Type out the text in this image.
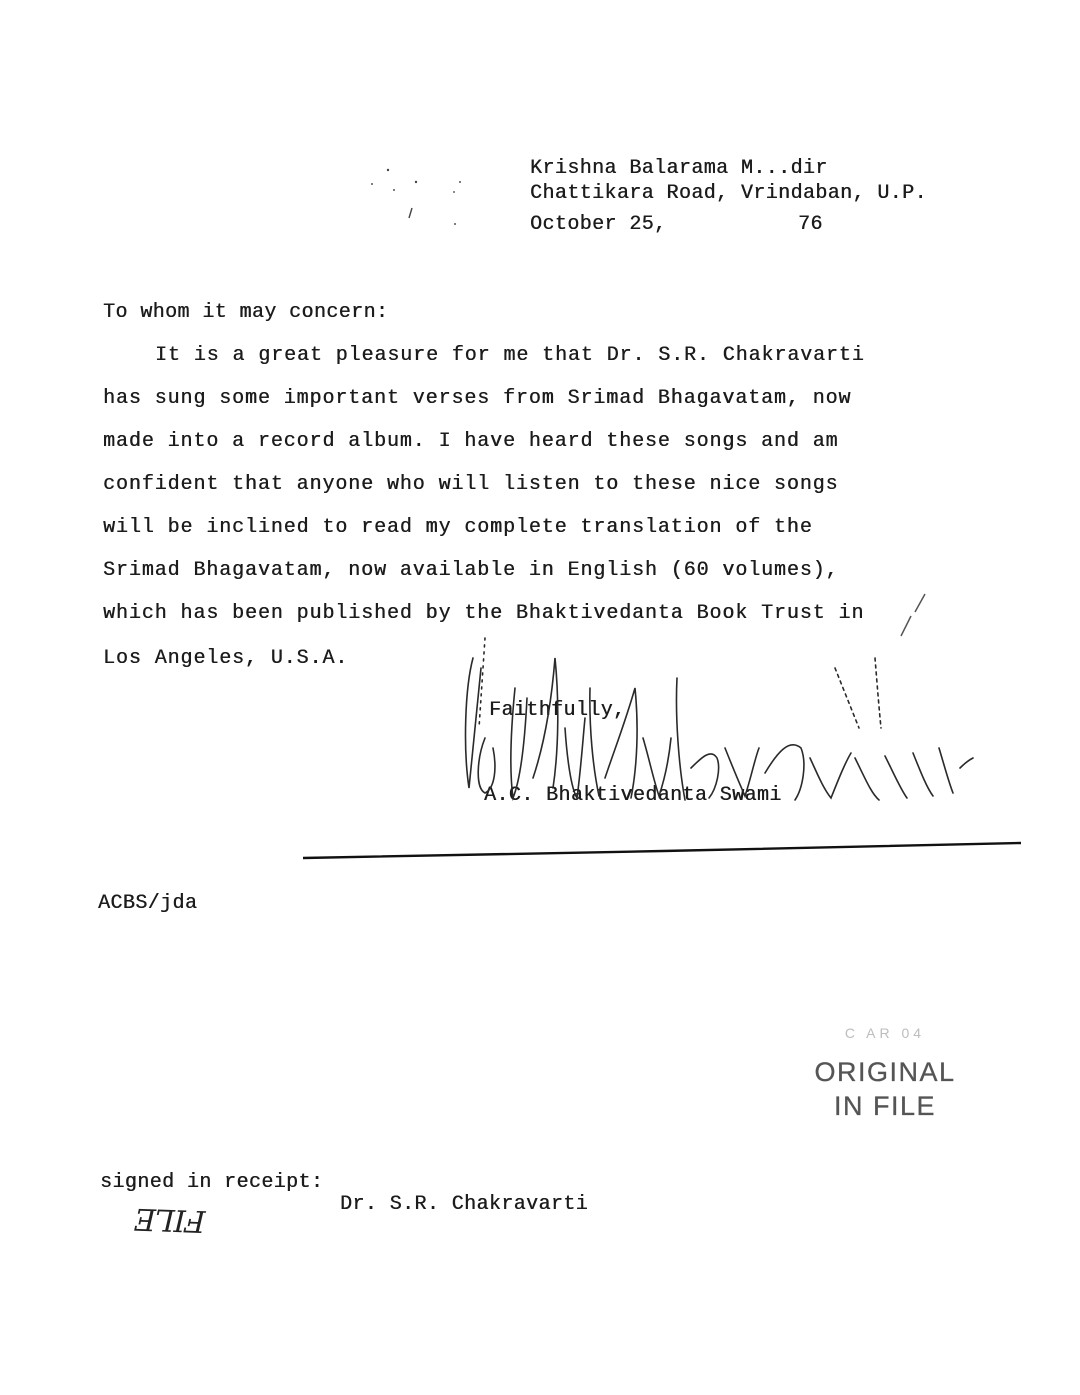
Krishna Balarama M...dir
Chattikara Road, Vrindaban, U.P.
October 25,	76
To whom it may concern:
It is a great pleasure for me that Dr. S.R. Chakravarti
has sung some important verses from Srimad Bhagavatam, now
made into a record album. I have heard these songs and am
confident that anyone who will listen to these nice songs
will be inclined to read my complete translation of the
Srimad Bhagavatam, now available in English (60 volumes),
which has been published by the Bhaktivedanta Book Trust in
Los Angeles, U.S.A.
Faithfully,
A.C. Bhaktivedanta Swami
ACBS/jda
C AR 04
ORIGINAL
IN FILE
signed in receipt:
Dr. S.R. Chakravarti
FILE
